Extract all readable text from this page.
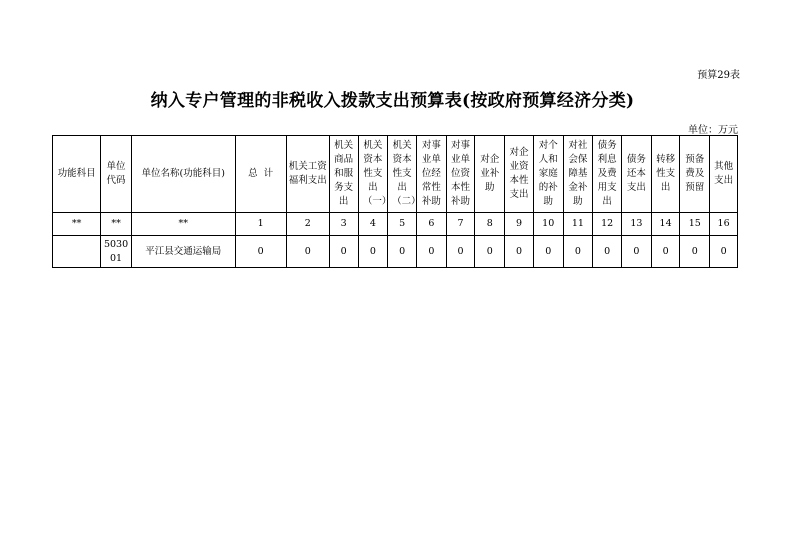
预算29表
纳入专户管理的非税收入拨款支出预算表(按政府预算经济分类)
单位：万元
功能科目	单位代码	单位名称(功能科目)	总  计	机关工资福利支出	机关商品和服务支出	机关资本性支出（一）	机关资本性支出（二）	对事业单位经常性补助	对事业单位资本性补助	对企业补助	对企业资本性支出	对个人和家庭的补助	对社会保障基金补助	债务利息及费用支出	债务还本支出	转移性支出	预备费及预留	其他支出
**	**	**	1	2	3	4	5	6	7	8	9	10	11	12	13	14	15	16
	503001	平江县交通运输局	0	0	0	0	0	0	0	0	0	0	0	0	0	0	0	0
